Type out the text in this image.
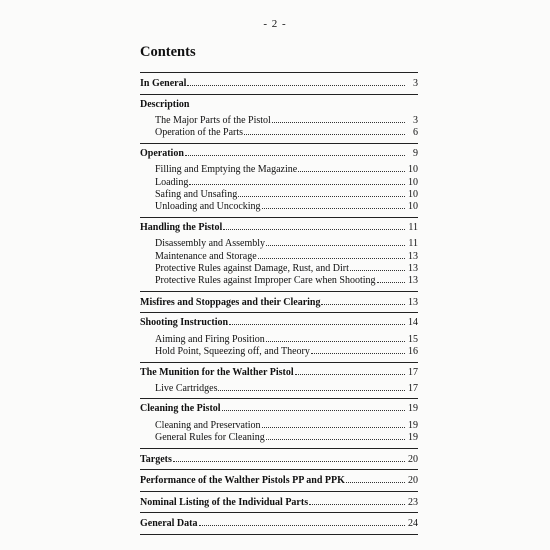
- 2 -
Contents
In General	3
Description
The Major Parts of the Pistol	3
Operation of the Parts	6
Operation	9
Filling and Emptying the Magazine	10
Loading	10
Safing and Unsafing	10
Unloading and Uncocking	10
Handling the Pistol	11
Disassembly and Assembly	11
Maintenance and Storage	13
Protective Rules against Damage, Rust, and Dirt	13
Protective Rules against Improper Care when Shooting	13
Misfires and Stoppages and their Clearing	13
Shooting Instruction	14
Aiming and Firing Position	15
Hold Point, Squeezing off, and Theory	16
The Munition for the Walther Pistol	17
Live Cartridges	17
Cleaning the Pistol	19
Cleaning and Preservation	19
General Rules for Cleaning	19
Targets	20
Performance of the Walther Pistols PP and PPK	20
Nominal Listing of the Individual Parts	23
General Data	24
